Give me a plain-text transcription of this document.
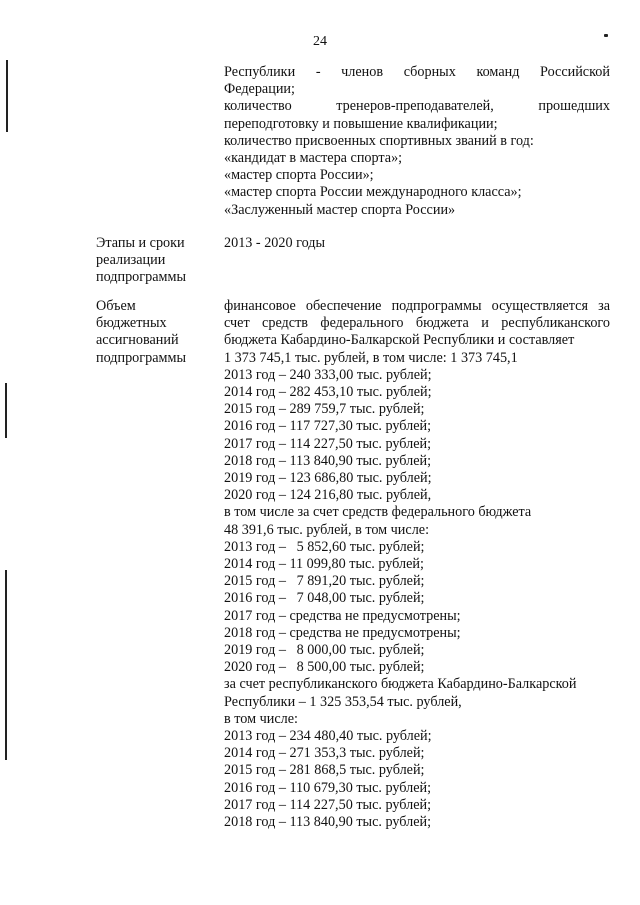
24
Республики - членов сборных команд Российской
Федерации;
количество тренеров-преподавателей, прошедших
переподготовку и повышение квалификации;
количество присвоенных спортивных званий в год:
«кандидат в мастера спорта»;
«мастер спорта России»;
«мастер спорта России международного класса»;
«Заслуженный мастер спорта России»
Этапы и сроки
реализации
подпрограммы
2013 - 2020 годы
Объем
бюджетных
ассигнований
подпрограммы
финансовое обеспечение подпрограммы осуществляется за
счет средств федерального бюджета и республиканского
бюджета Кабардино-Балкарской Республики и составляет
1 373 745,1 тыс. рублей, в том числе: 1 373 745,1
2013 год – 240 333,00 тыс. рублей;
2014 год – 282 453,10 тыс. рублей;
2015 год – 289 759,7 тыс. рублей;
2016 год – 117 727,30 тыс. рублей;
2017 год – 114 227,50 тыс. рублей;
2018 год – 113 840,90 тыс. рублей;
2019 год – 123 686,80 тыс. рублей;
2020 год – 124 216,80 тыс. рублей,
в том числе за счет средств федерального бюджета
48 391,6 тыс. рублей, в том числе:
2013 год –   5 852,60 тыс. рублей;
2014 год – 11 099,80 тыс. рублей;
2015 год –   7 891,20 тыс. рублей;
2016 год –   7 048,00 тыс. рублей;
2017 год – средства не предусмотрены;
2018 год – средства не предусмотрены;
2019 год –   8 000,00 тыс. рублей;
2020 год –   8 500,00 тыс. рублей;
за счет республиканского бюджета Кабардино-Балкарской
Республики – 1 325 353,54 тыс. рублей,
в том числе:
2013 год – 234 480,40 тыс. рублей;
2014 год – 271 353,3 тыс. рублей;
2015 год – 281 868,5 тыс. рублей;
2016 год – 110 679,30 тыс. рублей;
2017 год – 114 227,50 тыс. рублей;
2018 год – 113 840,90 тыс. рублей;
